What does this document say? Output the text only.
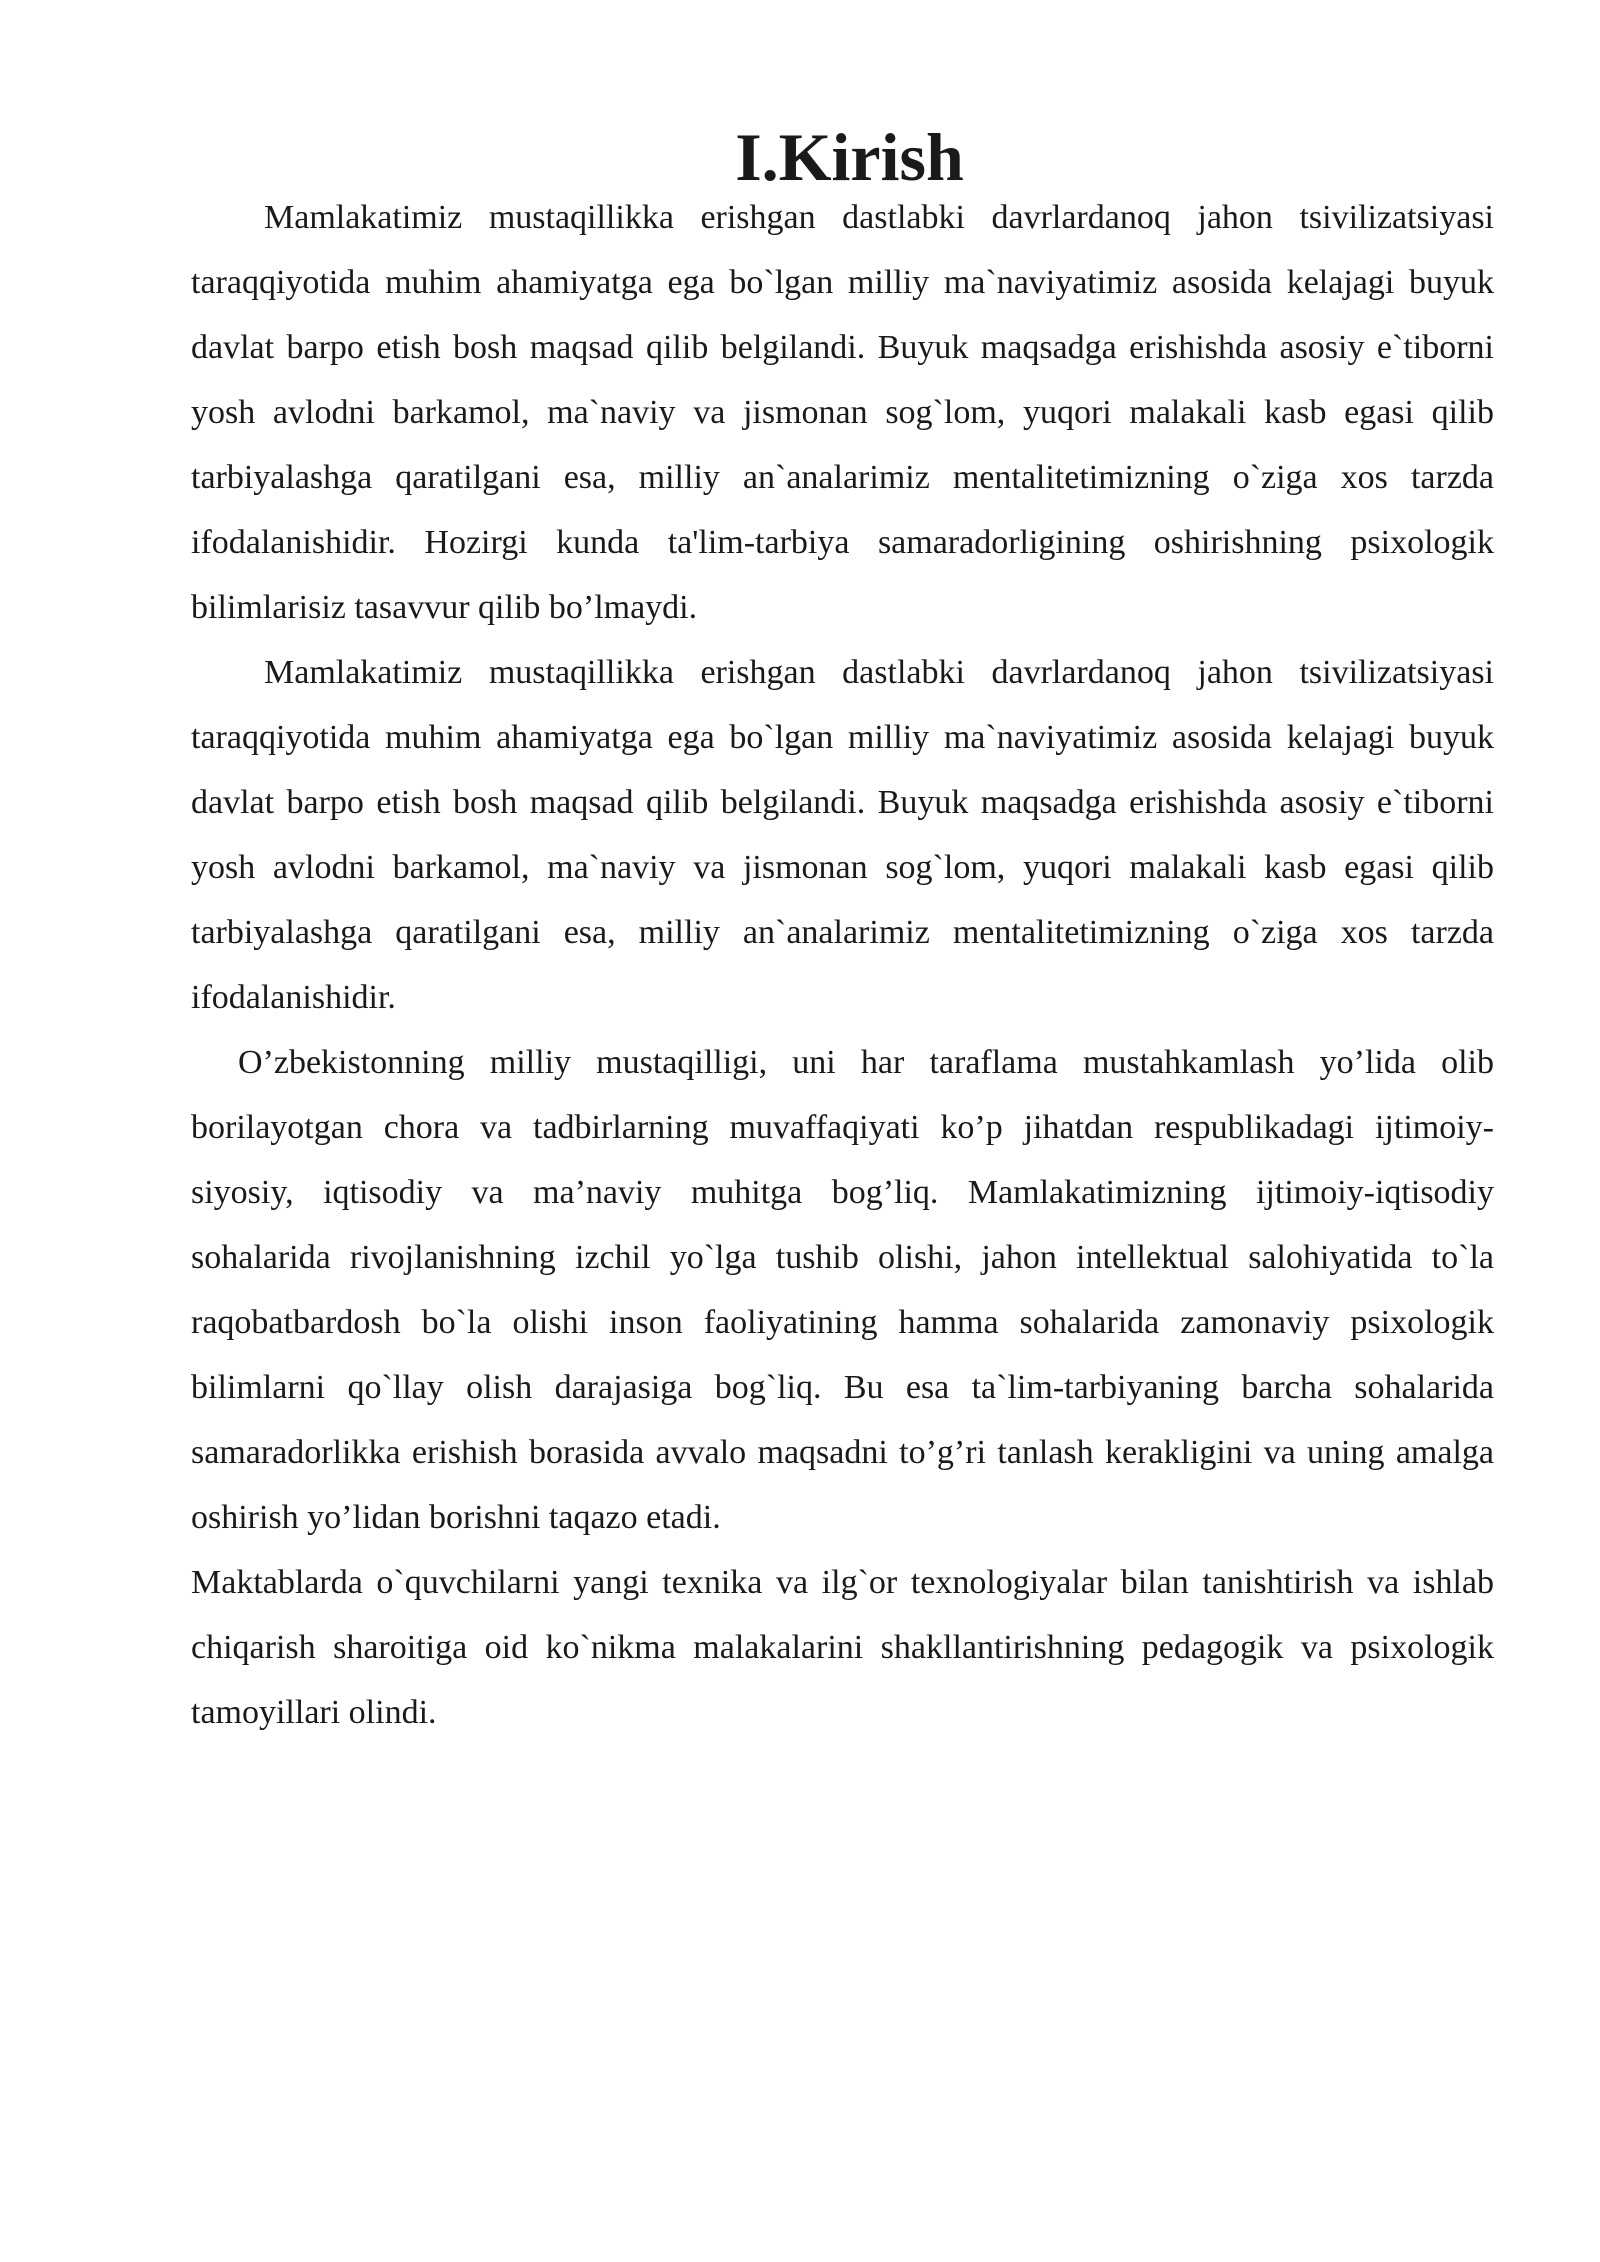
I.Kirish

Mamlakatimiz mustaqillikka erishgan dastlabki davrlardanoq jahon tsivilizatsiyasi taraqqiyotida muhim ahamiyatga ega bo`lgan milliy ma`naviyatimiz asosida kelajagi buyuk davlat barpo etish bosh maqsad qilib belgilandi. Buyuk maqsadga erishishda asosiy e`tiborni yosh avlodni barkamol, ma`naviy va jismonan sog`lom, yuqori malakali kasb egasi qilib tarbiyalashga qaratilgani esa, milliy an`analarimiz mentalitetimizning o`ziga xos tarzda ifodalanishidir. Hozirgi kunda ta'lim-tarbiya samaradorligining oshirishning psixologik bilimlarisiz tasavvur qilib bo’lmaydi.

Mamlakatimiz mustaqillikka erishgan dastlabki davrlardanoq jahon tsivilizatsiyasi taraqqiyotida muhim ahamiyatga ega bo`lgan milliy ma`naviyatimiz asosida kelajagi buyuk davlat barpo etish bosh maqsad qilib belgilandi. Buyuk maqsadga erishishda asosiy e`tiborni yosh avlodni barkamol, ma`naviy va jismonan sog`lom, yuqori malakali kasb egasi qilib tarbiyalashga qaratilgani esa, milliy an`analarimiz mentalitetimizning o`ziga xos tarzda ifodalanishidir.

O’zbekistonning milliy mustaqilligi, uni har taraflama mustahkamlash yo’lida olib borilayotgan chora va tadbirlarning muvaffaqiyati ko’p jihatdan respublikadagi ijtimoiy-siyosiy, iqtisodiy va ma’naviy muhitga bog’liq. Mamlakatimizning ijtimoiy-iqtisodiy sohalarida rivojlanishning izchil yo`lga tushib olishi, jahon intellektual salohiyatida to`la raqobatbardosh bo`la olishi inson faoliyatining hamma sohalarida zamonaviy psixologik bilimlarni qo`llay olish darajasiga bog`liq. Bu esa ta`lim-tarbiyaning barcha sohalarida samaradorlikka erishish borasida avvalo maqsadni to’g’ri tanlash kerakligini va uning amalga oshirish yo’lidan borishni taqazo etadi.

Maktablarda o`quvchilarni yangi texnika va ilg`or texnologiyalar bilan tanishtirish va ishlab chiqarish sharoitiga oid ko`nikma malakalarini shakllantirishning pedagogik va psixologik tamoyillari olindi.
